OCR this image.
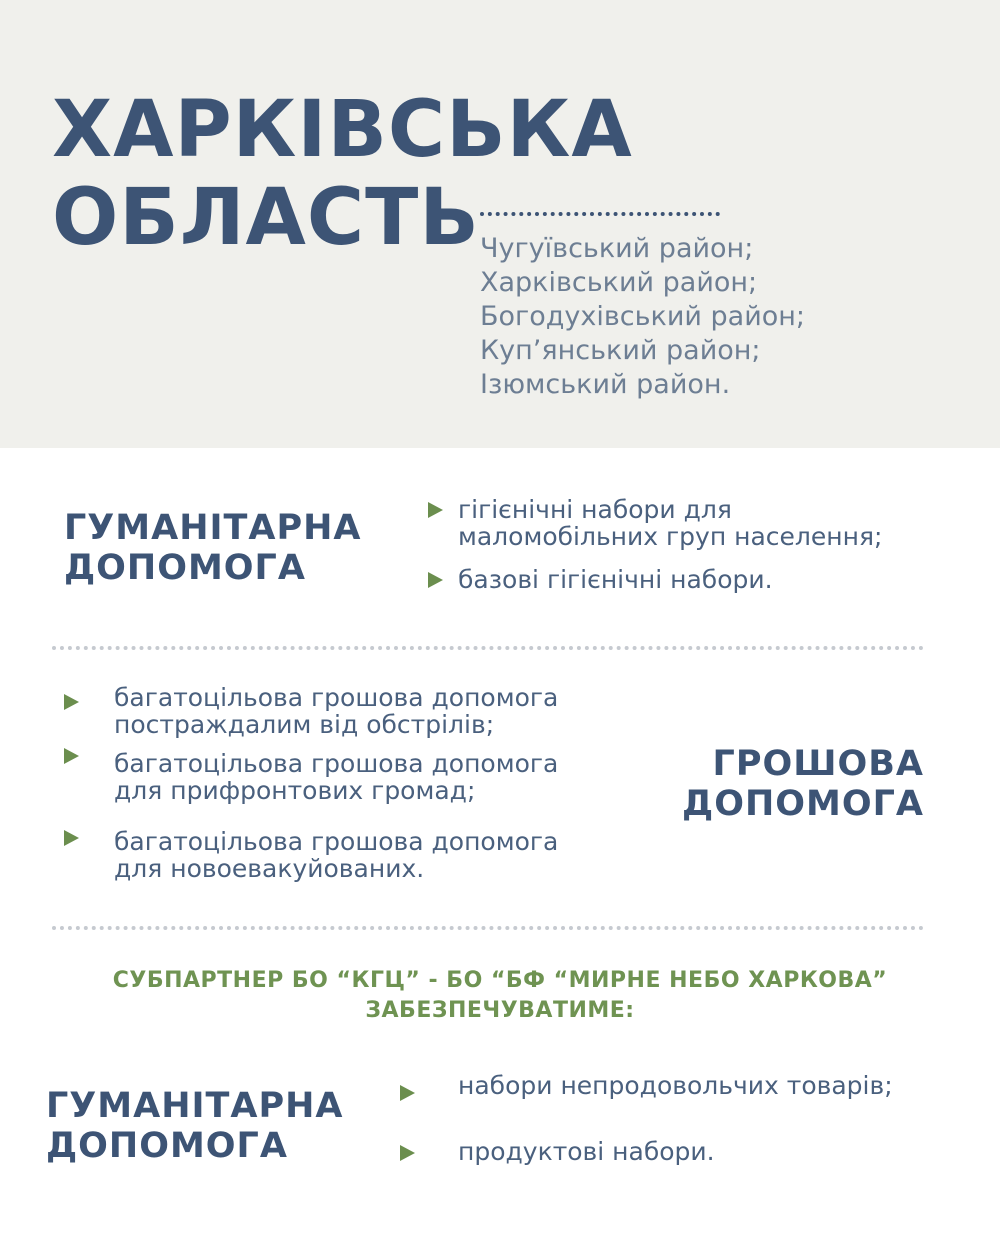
ХАРКІВСЬКА
ОБЛАСТЬ Чугуївський район;
Харківський район;
Богодухівський район;
Куп’янський район;
Ізюмський район.
ГУМАНІТАРНА
ДОПОМОГА
гігієнічні набори для
маломобільних груп населення;
базові гігієнічні набори.
багатоцільова грошова допомога
постраждалим від обстрілів;
багатоцільова грошова допомога
для прифронтових громад;
багатоцільова грошова допомога
для новоевакуйованих.
ГРОШОВА
ДОПОМОГА
СУБПАРТНЕР БО “КГЦ” - БО “БФ “МИРНЕ НЕБО ХАРКОВА”
ЗАБЕЗПЕЧУВАТИМЕ:
ГУМАНІТАРНА
ДОПОМОГА
набори непродовольчих товарів;
продуктові набори.
